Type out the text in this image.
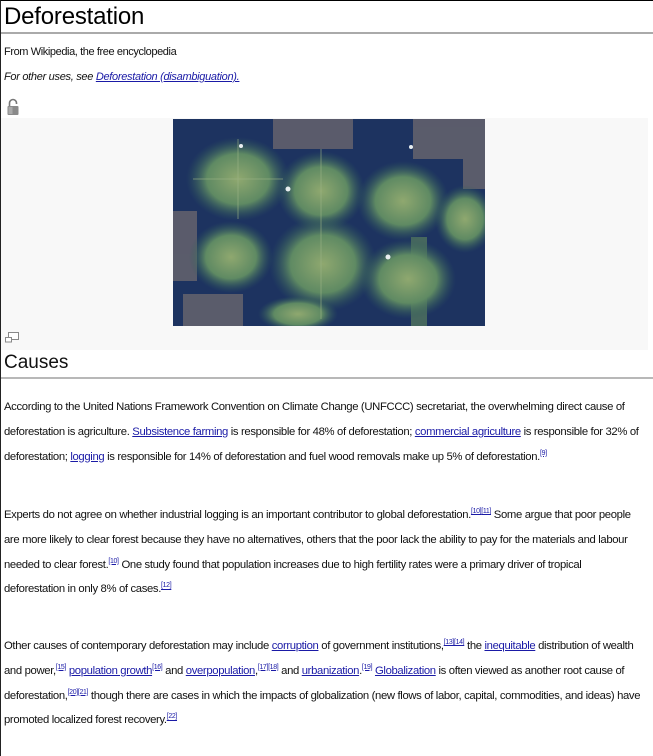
Deforestation
From Wikipedia, the free encyclopedia
For other uses, see Deforestation (disambiguation).
Causes

According to the United Nations Framework Convention on Climate Change (UNFCCC) secretariat, the overwhelming direct cause of deforestation is agriculture. Subsistence farming is responsible for 48% of deforestation; commercial agriculture is responsible for 32% of deforestation; logging is responsible for 14% of deforestation and fuel wood removals make up 5% of deforestation.[9]

Experts do not agree on whether industrial logging is an important contributor to global deforestation.[10][11] Some argue that poor people are more likely to clear forest because they have no alternatives, others that the poor lack the ability to pay for the materials and labour needed to clear forest.[10] One study found that population increases due to high fertility rates were a primary driver of tropical deforestation in only 8% of cases.[12]

Other causes of contemporary deforestation may include corruption of government institutions,[13][14] the inequitable distribution of wealth and power,[15] population growth[16] and overpopulation,[17][18] and urbanization.[19] Globalization is often viewed as another root cause of deforestation,[20][21] though there are cases in which the impacts of globalization (new flows of labor, capital, commodities, and ideas) have promoted localized forest recovery.[22]
